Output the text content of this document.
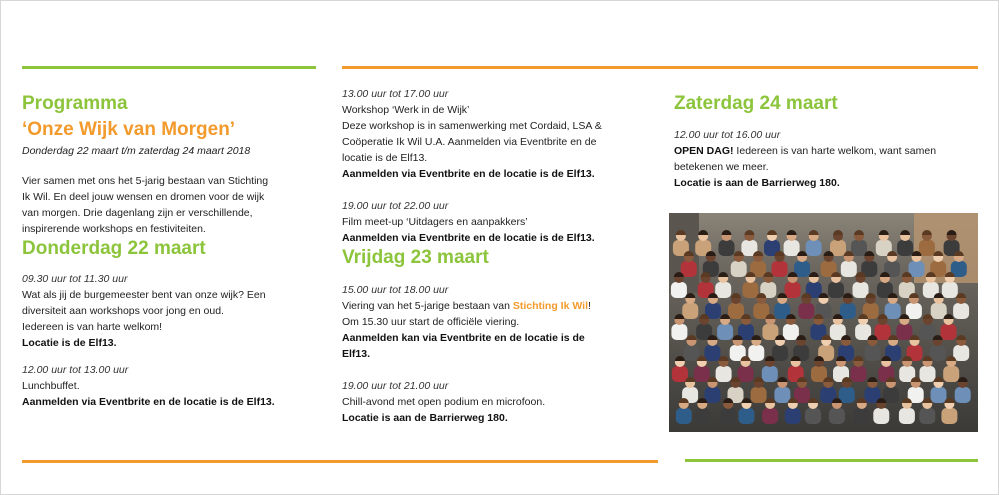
Programma
‘Onze Wijk van Morgen’

Donderdag 22 maart t/m zaterdag 24 maart 2018

Vier samen met ons het 5-jarig bestaan van Stichting

Ik Wil. En deel jouw wensen en dromen voor de wijk

van morgen. Drie dagenlang zijn er verschillende,

inspirerende workshops en festiviteiten.

Donderdag 22 maart

09.30 uur tot 11.30 uur

Wat als jij de burgemeester bent van onze wijk? Een

diversiteit aan workshops voor jong en oud.

Iedereen is van harte welkom!

Locatie is de Elf13.

12.00 uur tot 13.00 uur

Lunchbuffet.

Aanmelden via Eventbrite en de locatie is de Elf13.

13.00 uur tot 17.00 uur

Workshop ‘Werk in de Wijk’

Deze workshop is in samenwerking met Cordaid, LSA &

Coöperatie Ik Wil U.A. Aanmelden via Eventbrite en de

locatie is de Elf13.

Aanmelden via Eventbrite en de locatie is de Elf13.

19.00 uur tot 22.00 uur

Film meet-up ‘Uitdagers en aanpakkers’

Aanmelden via Eventbrite en de locatie is de Elf13.

Vrijdag 23 maart

15.00 uur tot 18.00 uur

Viering van het 5-jarige bestaan van Stichting Ik Wil!

Om 15.30 uur start de officiële viering.

Aanmelden kan via Eventbrite en de locatie is de

Elf13.

19.00 uur tot 21.00 uur

Chill-avond met open podium en microfoon.

Locatie is aan de Barrierweg 180.

Zaterdag 24 maart

12.00 uur tot 16.00 uur

OPEN DAG! Iedereen is van harte welkom, want samen

betekenen we meer.

Locatie is aan de Barrierweg 180.
